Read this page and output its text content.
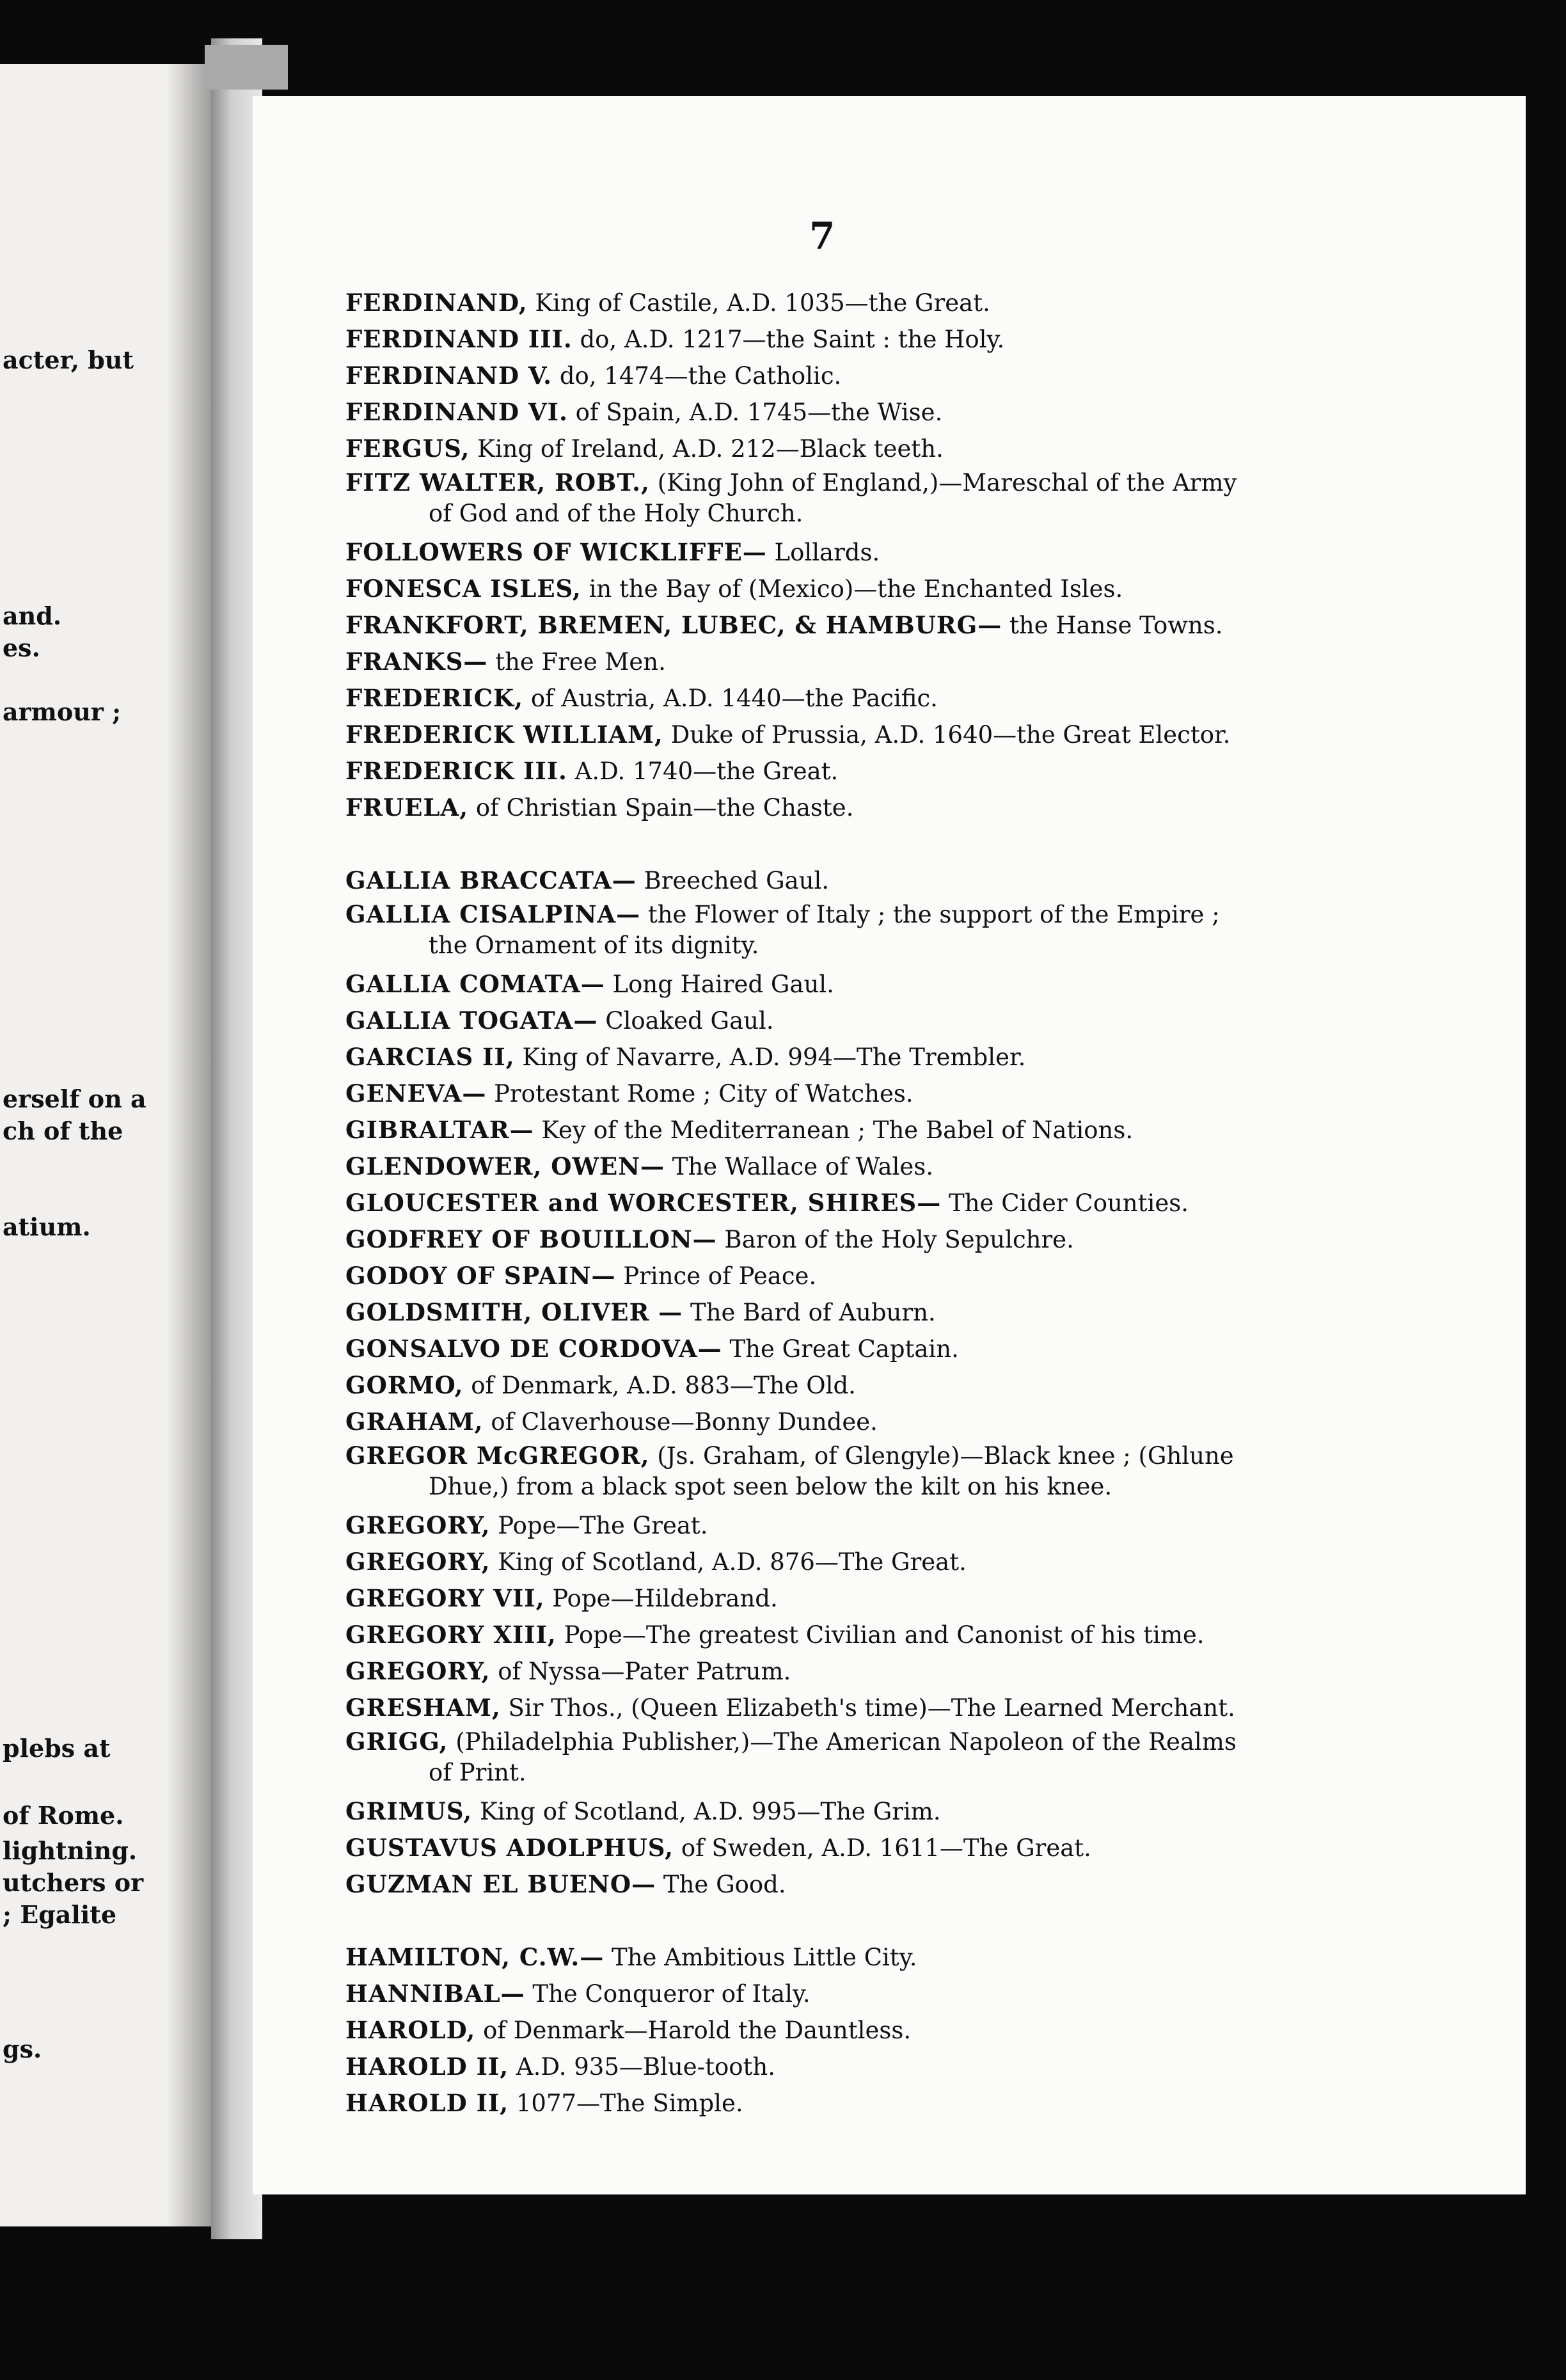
acter, but
and.
es.
armour ;
erself on a
ch of the
atium.
plebs at
of Rome.
lightning.
utchers or
; Egalite
gs.
7
FERDINAND, King of Castile, A.D. 1035—the Great.
FERDINAND III. do, A.D. 1217—the Saint : the Holy.
FERDINAND V. do, 1474—the Catholic.
FERDINAND VI. of Spain, A.D. 1745—the Wise.
FERGUS, King of Ireland, A.D. 212—Black teeth.
FITZ WALTER, ROBT., (King John of England,)—Mareschal of the Army
of God and of the Holy Church.
FOLLOWERS OF WICKLIFFE— Lollards.
FONESCA ISLES, in the Bay of (Mexico)—the Enchanted Isles.
FRANKFORT, BREMEN, LUBEC, & HAMBURG— the Hanse Towns.
FRANKS— the Free Men.
FREDERICK, of Austria, A.D. 1440—the Pacific.
FREDERICK WILLIAM, Duke of Prussia, A.D. 1640—the Great Elector.
FREDERICK III. A.D. 1740—the Great.
FRUELA, of Christian Spain—the Chaste.
GALLIA BRACCATA— Breeched Gaul.
GALLIA CISALPINA— the Flower of Italy ; the support of the Empire ;
the Ornament of its dignity.
GALLIA COMATA— Long Haired Gaul.
GALLIA TOGATA— Cloaked Gaul.
GARCIAS II, King of Navarre, A.D. 994—The Trembler.
GENEVA— Protestant Rome ; City of Watches.
GIBRALTAR— Key of the Mediterranean ; The Babel of Nations.
GLENDOWER, OWEN— The Wallace of Wales.
GLOUCESTER and WORCESTER, SHIRES— The Cider Counties.
GODFREY OF BOUILLON— Baron of the Holy Sepulchre.
GODOY OF SPAIN— Prince of Peace.
GOLDSMITH, OLIVER — The Bard of Auburn.
GONSALVO DE CORDOVA— The Great Captain.
GORMO, of Denmark, A.D. 883—The Old.
GRAHAM, of Claverhouse—Bonny Dundee.
GREGOR McGREGOR, (Js. Graham, of Glengyle)—Black knee ; (Ghlune
Dhue,) from a black spot seen below the kilt on his knee.
GREGORY, Pope—The Great.
GREGORY, King of Scotland, A.D. 876—The Great.
GREGORY VII, Pope—Hildebrand.
GREGORY XIII, Pope—The greatest Civilian and Canonist of his time.
GREGORY, of Nyssa—Pater Patrum.
GRESHAM, Sir Thos., (Queen Elizabeth's time)—The Learned Merchant.
GRIGG, (Philadelphia Publisher,)—The American Napoleon of the Realms
of Print.
GRIMUS, King of Scotland, A.D. 995—The Grim.
GUSTAVUS ADOLPHUS, of Sweden, A.D. 1611—The Great.
GUZMAN EL BUENO— The Good.
HAMILTON, C.W.— The Ambitious Little City.
HANNIBAL— The Conqueror of Italy.
HAROLD, of Denmark—Harold the Dauntless.
HAROLD II, A.D. 935—Blue-tooth.
HAROLD II, 1077—The Simple.
